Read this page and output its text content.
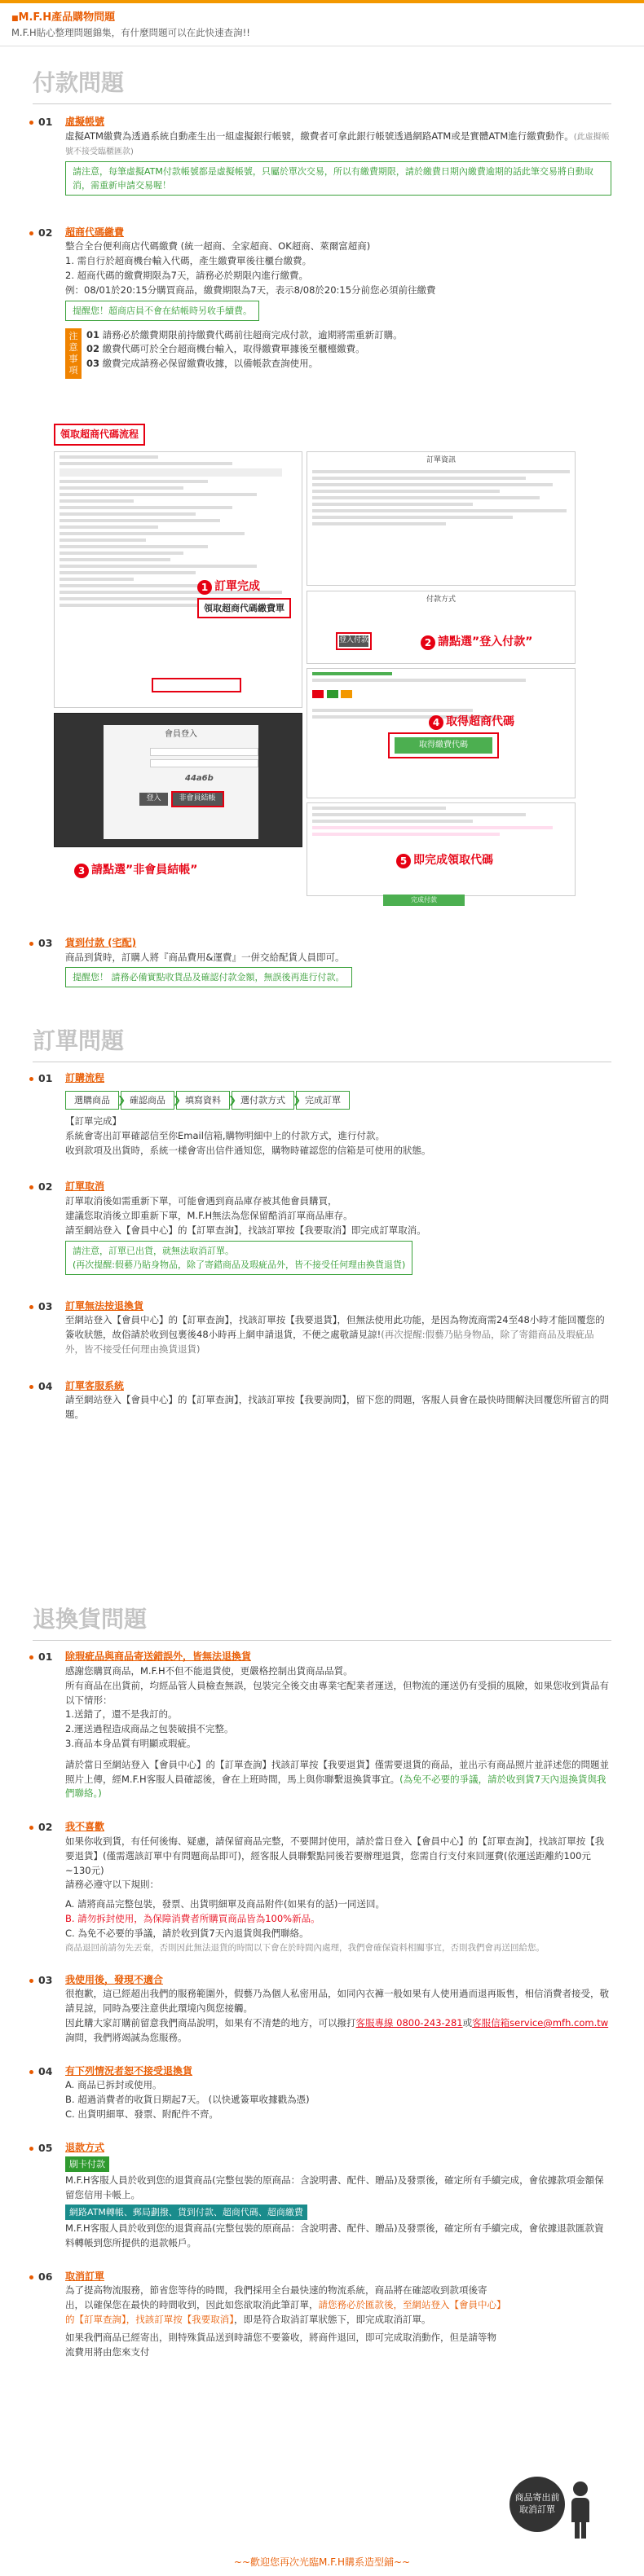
■ M.F.H產品購物問題
M.F.H貼心整理問題錦集，有什麼問題可以在此快速查詢!!
付款問題
01 虛擬帳號
虛擬ATM繳費為透過系統自動產生出一組虛擬銀行帳號，繳費者可拿此銀行帳號透過網路ATM或是實體ATM進行繳費動作。(此虛擬帳號不接受臨櫃匯款)
請注意，每筆虛擬ATM付款帳號都是虛擬帳號，只屬於單次交易，所以有繳費期限，請於繳費日期內繳費逾期的話此筆交易將自動取消，需重新申請交易喔！
02 超商代碼繳費
整合全台便利商店代碼繳費 (統一超商、全家超商、OK超商、萊爾富超商)
1. 需自行於超商機台輸入代碼，產生繳費單後往櫃台繳費。
2. 超商代碼的繳費期限為7天，請務必於期限內進行繳費。
例：08/01於20:15分購買商品，繳費期限為7天，表示8/08於20:15分前您必須前往繳費
提醒您！超商店員不會在結帳時另收手續費。
注意事項
01 請務必於繳費期限前持繳費代碼前往超商完成付款，逾期將需重新訂購。
02 繳費代碼可於全台超商機台輸入，取得繳費單據後至櫃檯繳費。
03 繳費完成請務必保留繳費收據，以備帳款查詢使用。
領取超商代碼流程
1 訂單完成
領取超商代碼繳費單
訂單資訊
付款方式
登入付款	2 請點選”登入付款”

取得繳費代碼
4 取得超商代碼
會員登入
44a6b
登入	非會員結帳
3 請點選”非會員結帳”
5 即完成領取代碼
完成付款
03 貨到付款 (宅配)
商品到貨時，訂購人將『商品費用&運費』一併交給配貨人員即可。
提醒您！ 請務必備實點收貨品及確認付款金額，無誤後再進行付款。
訂單問題
01 訂購流程
選購商品 ❯	確認商品 ❯	填寫資料 ❯	選付款方式 ❯	完成訂單
【訂單完成】
系統會寄出訂單確認信至你Email信箱,購物明細中上的付款方式，進行付款。
收到款項及出貨時，系統一樣會寄出信件通知您，購物時確認您的信箱是可使用的狀態。
02 訂單取消
訂單取消後如需重新下單，可能會遇到商品庫存被其他會員購買，
建議您取消後立即重新下單，M.F.H無法為您保留酷消訂單商品庫存。
請至網站登入【會員中心】的【訂單查詢】，找該訂單按【我要取消】即完成訂單取消。
請注意，訂單已出貨，就無法取消訂單。
(再次提醒:假藝乃貼身物品，除了寄錯商品及瑕疵品外，皆不接受任何理由換貨退貨)
03 訂單無法按退換貨
至網站登入【會員中心】的【訂單查詢】，找該訂單按【我要退貨】，但無法使用此功能，是因為物流商需24至48小時才能回覆您的簽收狀態，故俗請於收到包裹後48小時再上網申請退貨，不便之處敬請見諒!(再次提醒:假藝乃貼身物品，除了寄錯商品及瑕疵品外，皆不接受任何理由換貨退貨)
04 訂單客服系統
請至網站登入【會員中心】的【訂單查詢】，找該訂單按【我要詢問】，留下您的問題，客服人員會在最快時間解決回覆您所留言的問題。
退換貨問題
01 除瑕疵品與商品寄送錯誤外，皆無法退換貨
感謝您購買商品，M.F.H不但不能退貨使，更嚴格控制出貨商品品質。
所有商品在出貨前，均經品管人員檢查無誤，包裝完全後交由專業宅配業者運送，但物流的運送仍有受損的風險，如果您收到貨品有以下情形：
1.送錯了，還不是我訂的。
2.運送過程造成商品之包裝破損不完整。
3.商品本身品質有明顯或瑕疵。
請於當日至網站登入【會員中心】的【訂單查詢】找該訂單按【我要退貨】僅需要退貨的商品，並出示有商品照片並詳述您的問題並照片上傳，經M.F.H客服人員確認後，會在上班時間，馬上與你聯繫退換貨事宜。(為免不必要的爭議，請於收到貨7天內退換貨與我們聯絡。)
02 我不喜歡
如果你收到貨，有任何後悔、疑慮，請保留商品完整，不要開封使用，請於當日登入【會員中心】的【訂單查詢】，找該訂單按【我要退貨】(僅需選該訂單中有問題商品即可)，經客服人員聯繫點同後若要辦理退貨，您需自行支付來回運費(依運送距離約100元~130元)
請務必遵守以下規則：
A. 請將商品完整包裝，發票、出貨明細單及商品附件(如果有的話)一同送回。
B. 請勿拆封使用，為保障消費者所購買商品皆為100%新品。
C. 為免不必要的爭議，請於收到貨7天內退貨與我們聯絡。
商品退回前請勿先丟棄，否則因此無法退貨的時間以下會在於時間內處理，我們會確保資料相關事宜，否則我們會再送回給您。
03 我使用後，發現不適合
很抱歉，這已經超出我們的服務範圍外，假藝乃為個人私密用品，如同內衣褲一般如果有人使用過而退再販售，相信消費者接受，敬請見諒，同時為要注意供此環境內與您接觸。
因此購大家訂購前留意我們商品說明，如果有不清楚的地方，可以撥打客服專線 0800-243-281或客服信箱service@mfh.com.tw詢問，我們將竭誠為您服務。
04 有下列情況者恕不接受退換貨
A. 商品已拆封或使用。
B. 超過消費者的收貨日期起7天。 (以快遞簽單收據戳為憑)
C. 出貨明細單、發票、附配件不齊。
05 退款方式
刷卡付款
M.F.H客服人員於收到您的退貨商品(完整包裝的原商品：含說明書、配件、贈品)及發票後，確定所有手續完成，會依據款項金額保留您信用卡帳上。
網路ATM轉帳、郵局劃撥、貨到付款、超商代碼、超商繳費
M.F.H客服人員於收到您的退貨商品(完整包裝的原商品：含說明書、配件、贈品)及發票後，確定所有手續完成，會依據退款匯款資料轉帳到您所提供的退款帳戶。
06 取消訂單
為了提高物流服務，節省您等待的時間，我們採用全台最快速的物流系統，商品將在確認收到款項後寄出，以確保您在最快的時間收到，因此如您欲取消此筆訂單，請您務必於匯款後，至網站登入【會員中心】的【訂單查詢】，找該訂單按【我要取消】，即是符合取消訂單狀態下，即完成取消訂單。
如果我們商品已經寄出，則特殊貨品送到時請您不要簽收，將商件退回，即可完成取消動作，但是請等物流費用將由您來支付
商品寄出前
取消訂單
~~歡迎您再次光臨M.F.H購系造型鋪~~
